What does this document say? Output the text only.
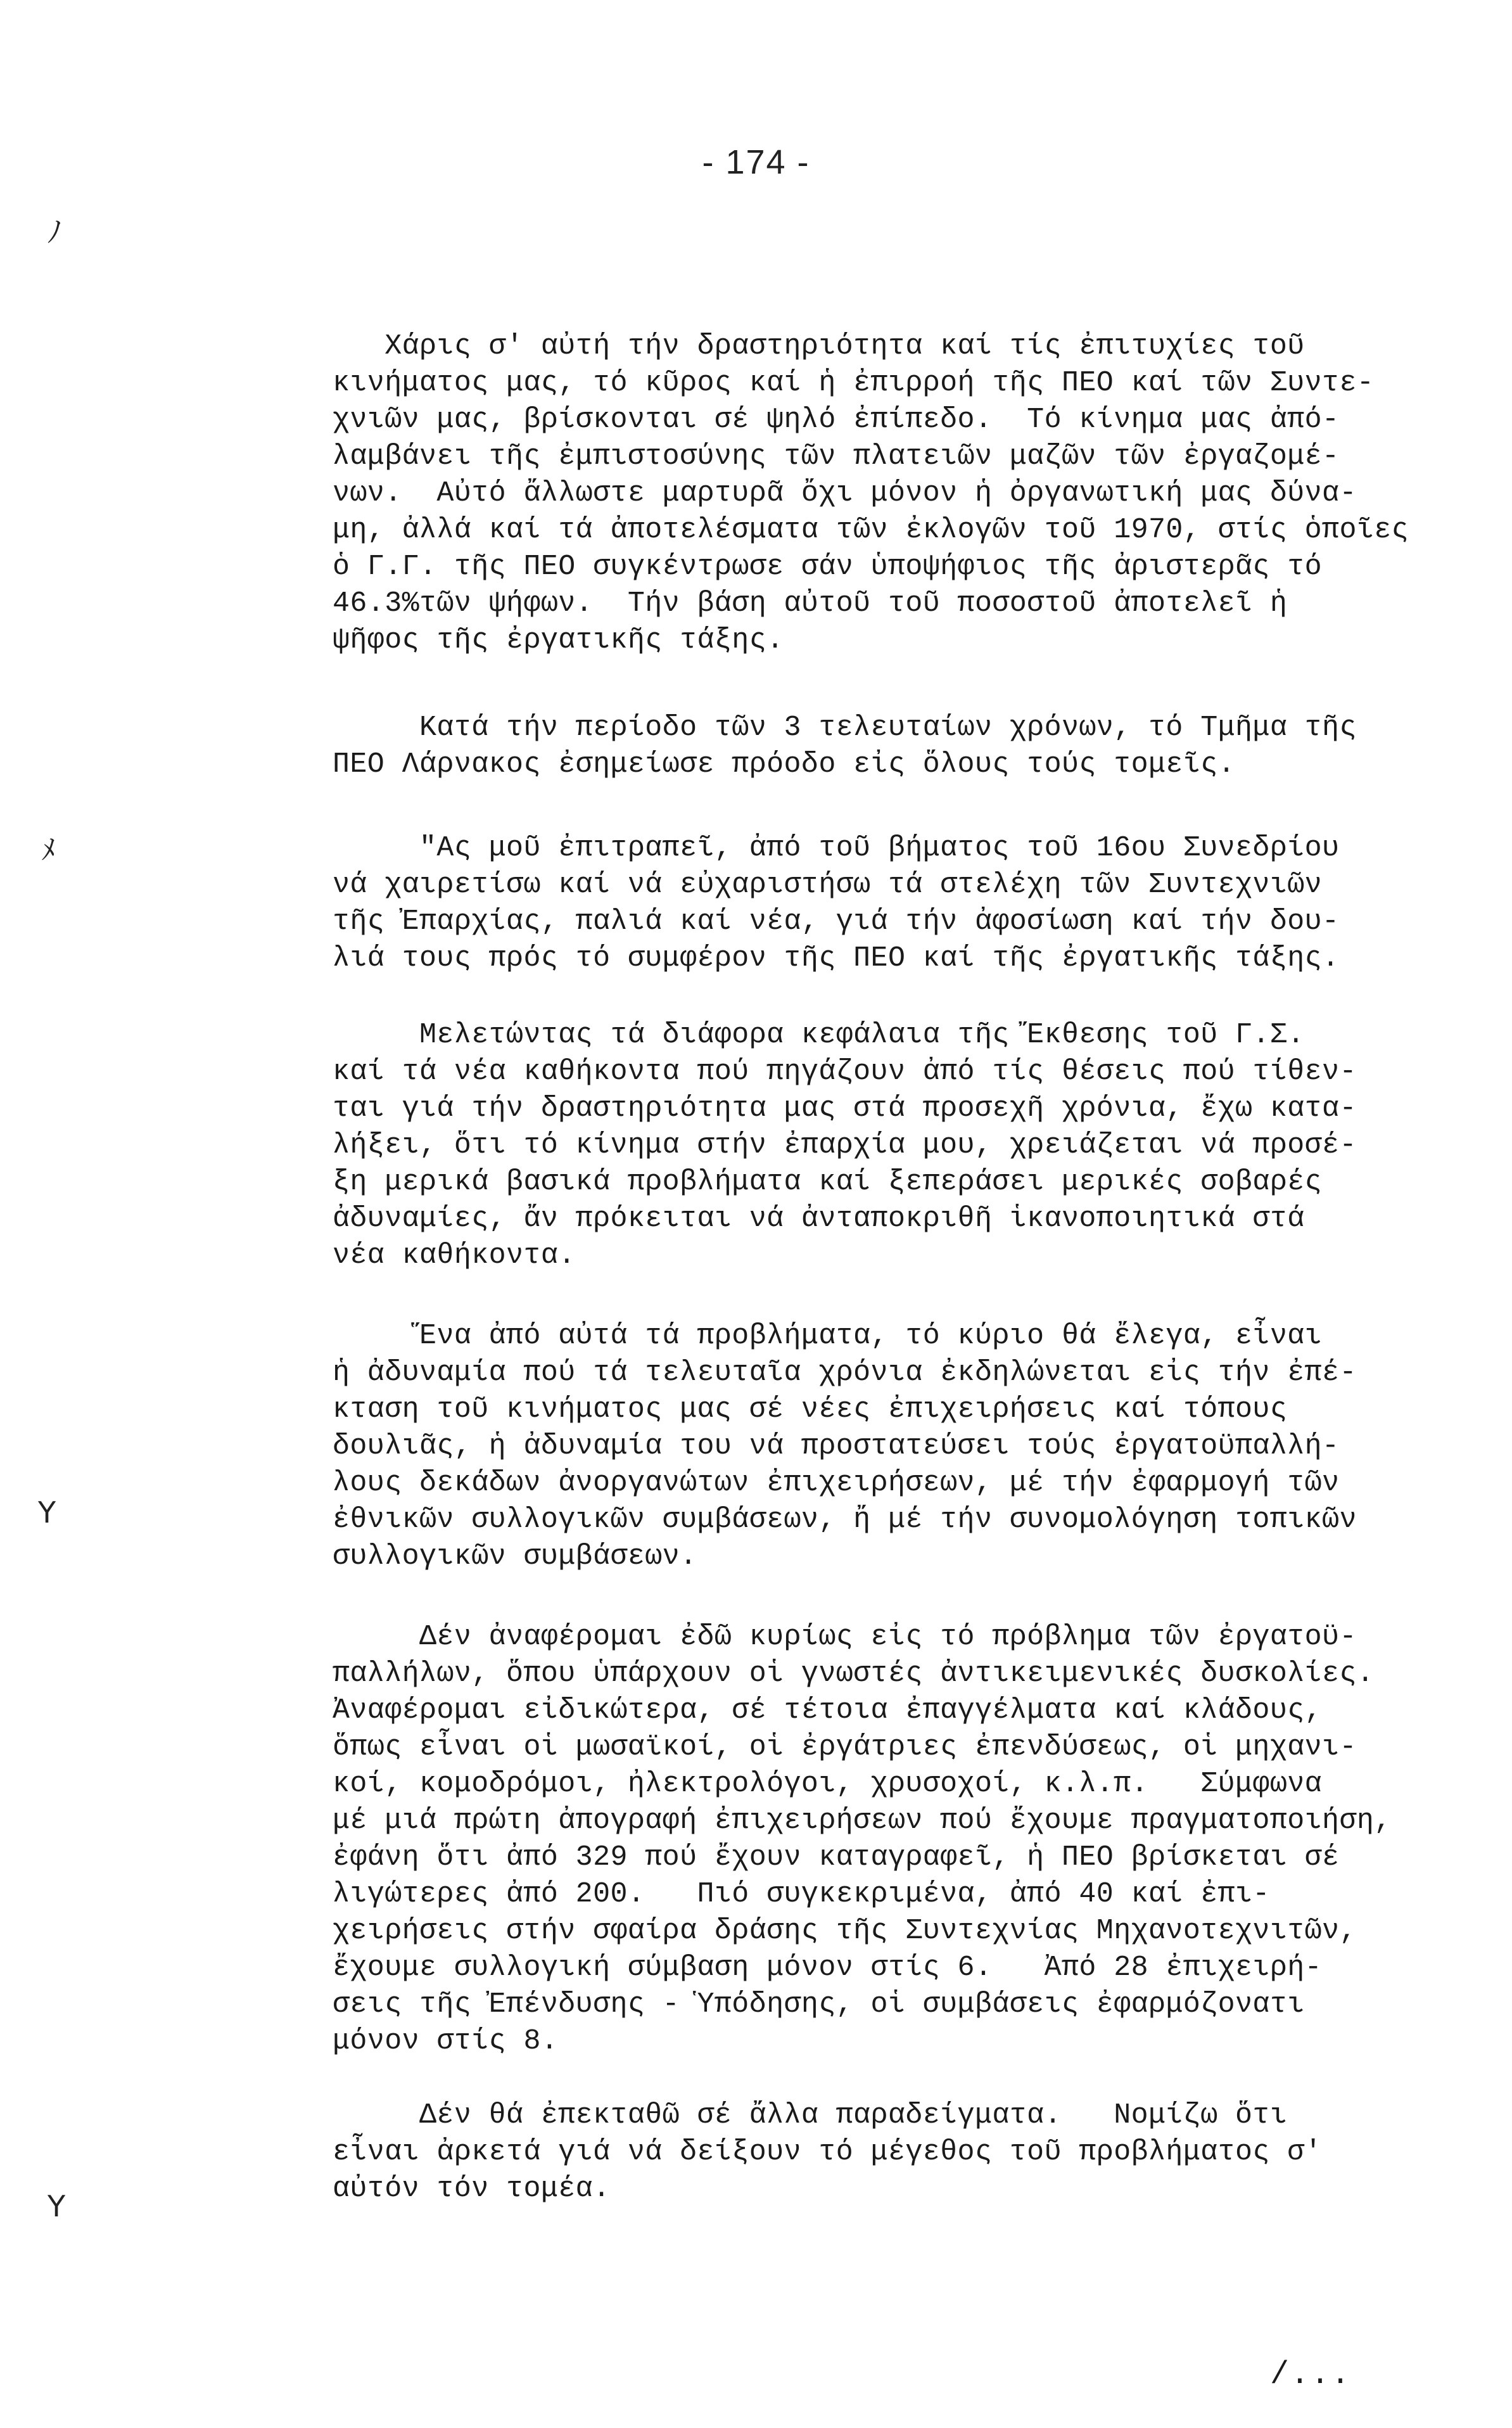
- 174 -
ﾉ
ﾒ
Υ
Υ
Χάρις σ' αὐτή τήν δραστηριότητα καί τίς ἐπιτυχίες τοῦ
κινήματος μας, τό κῦρος καί ἡ ἐπιρροή τῆς ΠΕΟ καί τῶν Συντε-
χνιῶν μας, βρίσκονται σέ ψηλό ἐπίπεδο.  Τό κίνημα μας ἀπό-
λαμβάνει τῆς ἐμπιστοσύνης τῶν πλατειῶν μαζῶν τῶν ἐργαζομέ-
νων.  Αὐτό ἄλλωστε μαρτυρᾶ ὄχι μόνον ἡ ὀργανωτική μας δύνα-
μη, ἀλλά καί τά ἀποτελέσματα τῶν ἐκλογῶν τοῦ 1970, στίς ὁποῖες
ὁ Γ.Γ. τῆς ΠΕΟ συγκέντρωσε σάν ὑποψήφιος τῆς ἀριστερᾶς τό
46.3%τῶν ψήφων.  Τήν βάση αὐτοῦ τοῦ ποσοστοῦ ἀποτελεῖ ἡ
ψῆφος τῆς ἐργατικῆς τάξης.
Κατά τήν περίοδο τῶν 3 τελευταίων χρόνων, τό Τμῆμα τῆς
ΠΕΟ Λάρνακος ἐσημείωσε πρόοδο εἰς ὅλους τούς τομεῖς.
"Ας μοῦ ἐπιτραπεῖ, ἀπό τοῦ βήματος τοῦ 16ου Συνεδρίου
νά χαιρετίσω καί νά εὐχαριστήσω τά στελέχη τῶν Συντεχνιῶν
τῆς Ἐπαρχίας, παλιά καί νέα, γιά τήν ἀφοσίωση καί τήν δου-
λιά τους πρός τό συμφέρον τῆς ΠΕΟ καί τῆς ἐργατικῆς τάξης.
Μελετώντας τά διάφορα κεφάλαια τῆς Ἔκθεσης τοῦ Γ.Σ.
καί τά νέα καθήκοντα πού πηγάζουν ἀπό τίς θέσεις πού τίθεν-
ται γιά τήν δραστηριότητα μας στά προσεχῆ χρόνια, ἔχω κατα-
λήξει, ὅτι τό κίνημα στήν ἐπαρχία μου, χρειάζεται νά προσέ-
ξη μερικά βασικά προβλήματα καί ξεπεράσει μερικές σοβαρές
ἀδυναμίες, ἄν πρόκειται νά ἀνταποκριθῆ ἱκανοποιητικά στά
νέα καθήκοντα.
Ἕνα ἀπό αὐτά τά προβλήματα, τό κύριο θά ἔλεγα, εἶναι
ἡ ἀδυναμία πού τά τελευταῖα χρόνια ἐκδηλώνεται εἰς τήν ἐπέ-
κταση τοῦ κινήματος μας σέ νέες ἐπιχειρήσεις καί τόπους
δουλιᾶς, ἡ ἀδυναμία του νά προστατεύσει τούς ἐργατοϋπαλλή-
λους δεκάδων ἀνοργανώτων ἐπιχειρήσεων, μέ τήν ἐφαρμογή τῶν
ἐθνικῶν συλλογικῶν συμβάσεων, ἤ μέ τήν συνομολόγηση τοπικῶν
συλλογικῶν συμβάσεων.
Δέν ἀναφέρομαι ἐδῶ κυρίως εἰς τό πρόβλημα τῶν ἐργατοϋ-
παλλήλων, ὅπου ὑπάρχουν οἱ γνωστές ἀντικειμενικές δυσκολίες.
Ἀναφέρομαι εἰδικώτερα, σέ τέτοια ἐπαγγέλματα καί κλάδους,
ὅπως εἶναι οἱ μωσαϊκοί, οἱ ἐργάτριες ἐπενδύσεως, οἱ μηχανι-
κοί, κομοδρόμοι, ἠλεκτρολόγοι, χρυσοχοί, κ.λ.π.   Σύμφωνα
μέ μιά πρώτη ἀπογραφή ἐπιχειρήσεων πού ἔχουμε πραγματοποιήση,
ἐφάνη ὅτι ἀπό 329 πού ἔχουν καταγραφεῖ, ἡ ΠΕΟ βρίσκεται σέ
λιγώτερες ἀπό 200.   Πιό συγκεκριμένα, ἀπό 40 καί ἐπι-
χειρήσεις στήν σφαίρα δράσης τῆς Συντεχνίας Μηχανοτεχνιτῶν,
ἔχουμε συλλογική σύμβαση μόνον στίς 6.   Ἀπό 28 ἐπιχειρή-
σεις τῆς Ἐπένδυσης - Ὑπόδησης, οἱ συμβάσεις ἐφαρμόζονατι
μόνον στίς 8.
Δέν θά ἐπεκταθῶ σέ ἄλλα παραδείγματα.   Νομίζω ὅτι
εἶναι ἀρκετά γιά νά δείξουν τό μέγεθος τοῦ προβλήματος σ'
αὐτόν τόν τομέα.
/...
